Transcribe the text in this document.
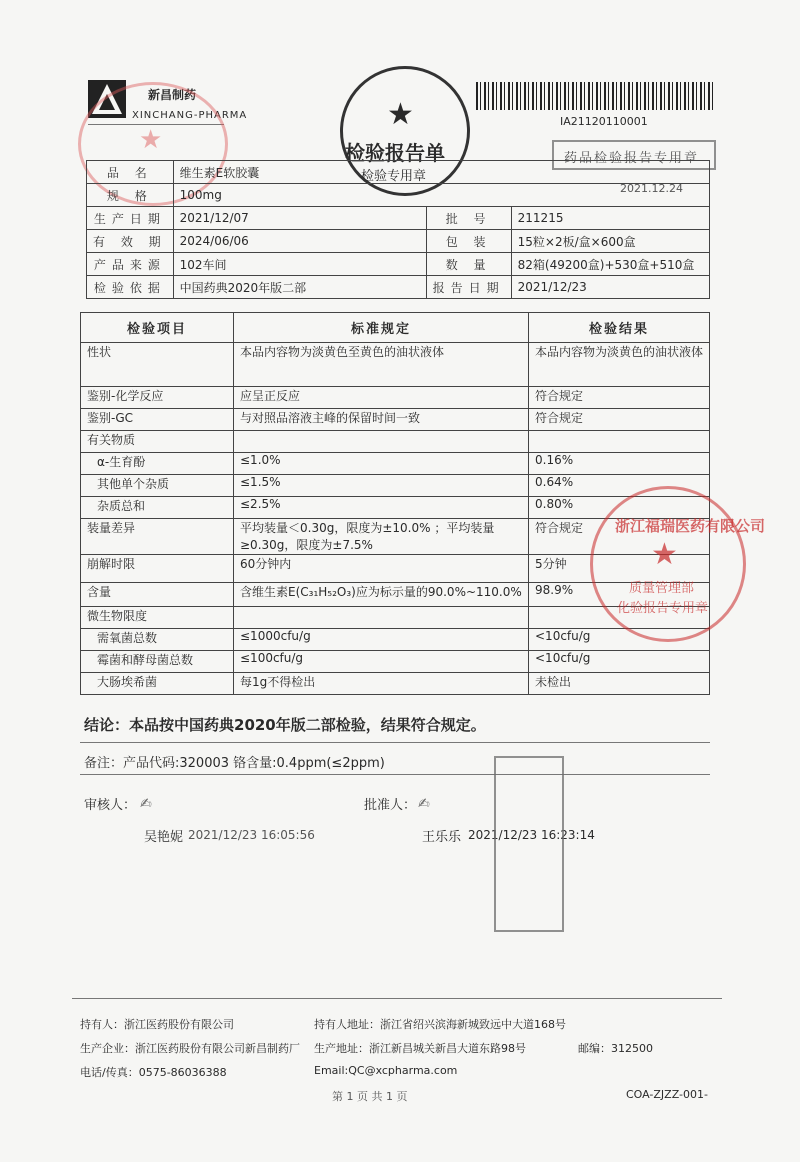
新昌制药
XINCHANG-PHARMA
★
★
检验报告单
检验专用章
IA21120110001
药品检验报告专用章
2021.12.24
品 名	维生素E软胶囊		
规 格	100mg		
生产日期	2021/12/07	批 号	211215
有 效 期	2024/06/06	包 装	15粒×2板/盒×600盒
产品来源	102车间	数 量	82箱(49200盒)+530盒+510盒
检验依据	中国药典2020年版二部	报告日期	2021/12/23
检验项目	标准规定	检验结果
性状	本品内容物为淡黄色至黄色的油状液体	本品内容物为淡黄色的油状液体
鉴别-化学反应	应呈正反应	符合规定
鉴别-GC	与对照品溶液主峰的保留时间一致	符合规定
有关物质		
α-生育酚	≤1.0%	0.16%
其他单个杂质	≤1.5%	0.64%
杂质总和	≤2.5%	0.80%
装量差异	平均装量＜0.30g，限度为±10.0% ；平均装量≥0.30g，限度为±7.5%	符合规定
崩解时限	60分钟内	5分钟
含量	含维生素E(C₃₁H₅₂O₃)应为标示量的90.0%~110.0%	98.9%
微生物限度		
需氧菌总数	≤1000cfu/g	<10cfu/g
霉菌和酵母菌总数	≤100cfu/g	<10cfu/g
大肠埃希菌	每1g不得检出	未检出
浙江福瑞医药有限公司
★
质量管理部
化验报告专用章
结论：本品按中国药典2020年版二部检验，结果符合规定。
备注：产品代码:320003 铬含量:0.4ppm(≤2ppm)
审核人： ✍
吴艳妮 2021/12/23 16:05:56
批准人： ✍
王乐乐 2021/12/23 16:23:14
持有人：浙江医药股份有限公司	持有人地址：浙江省绍兴滨海新城致远中大道168号
生产企业：浙江医药股份有限公司新昌制药厂 生产地址：浙江新昌城关新昌大道东路98号	邮编：312500
电话/传真：0575-86036388	Email:QC@xcpharma.com
第 1 页 共 1 页	COA-ZJZZ-001-
